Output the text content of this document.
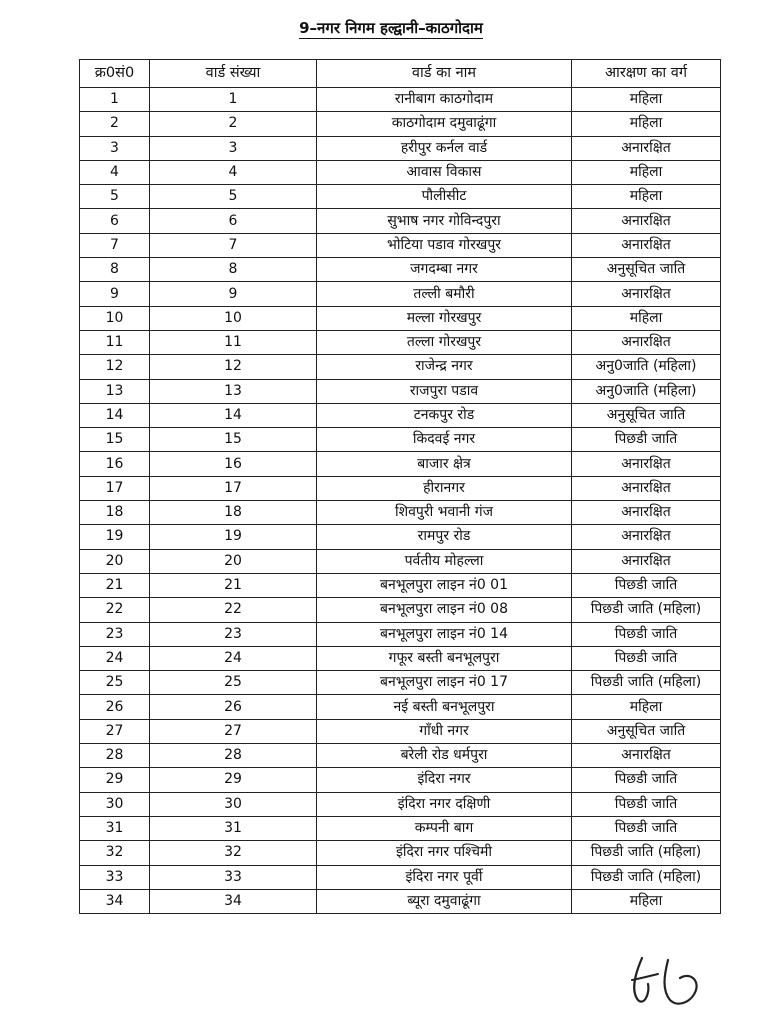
9–नगर निगम हल्द्वानी–काठगोदाम
क्र0सं0	वार्ड संख्या	वार्ड का नाम	आरक्षण का वर्ग
1	1	रानीबाग काठगोदाम	महिला
2	2	काठगोदाम दमुवाढूंगा	महिला
3	3	हरीपुर कर्नल वार्ड	अनारक्षित
4	4	आवास विकास	महिला
5	5	पौलीसीट	महिला
6	6	सुभाष नगर गोविन्दपुरा	अनारक्षित
7	7	भोटिया पडाव गोरखपुर	अनारक्षित
8	8	जगदम्बा नगर	अनुसूचित जाति
9	9	तल्ली बमौरी	अनारक्षित
10	10	मल्ला गोरखपुर	महिला
11	11	तल्ला गोरखपुर	अनारक्षित
12	12	राजेन्द्र नगर	अनु0जाति (महिला)
13	13	राजपुरा पडाव	अनु0जाति (महिला)
14	14	टनकपुर रोड	अनुसूचित जाति
15	15	किदवई नगर	पिछडी जाति
16	16	बाजार क्षेत्र	अनारक्षित
17	17	हीरानगर	अनारक्षित
18	18	शिवपुरी भवानी गंज	अनारक्षित
19	19	रामपुर रोड	अनारक्षित
20	20	पर्वतीय मोहल्ला	अनारक्षित
21	21	बनभूलपुरा लाइन नं0 01	पिछडी जाति
22	22	बनभूलपुरा लाइन नं0 08	पिछडी जाति (महिला)
23	23	बनभूलपुरा लाइन नं0 14	पिछडी जाति
24	24	गफूर बस्ती बनभूलपुरा	पिछडी जाति
25	25	बनभूलपुरा लाइन नं0 17	पिछडी जाति (महिला)
26	26	नई बस्ती बनभूलपुरा	महिला
27	27	गाँधी नगर	अनुसूचित जाति
28	28	बरेली रोड धर्मपुरा	अनारक्षित
29	29	इंदिरा नगर	पिछडी जाति
30	30	इंदिरा नगर दक्षिणी	पिछडी जाति
31	31	कम्पनी बाग	पिछडी जाति
32	32	इंदिरा नगर पश्चिमी	पिछडी जाति (महिला)
33	33	इंदिरा नगर पूर्वी	पिछडी जाति (महिला)
34	34	ब्यूरा दमुवाढूंगा	महिला
